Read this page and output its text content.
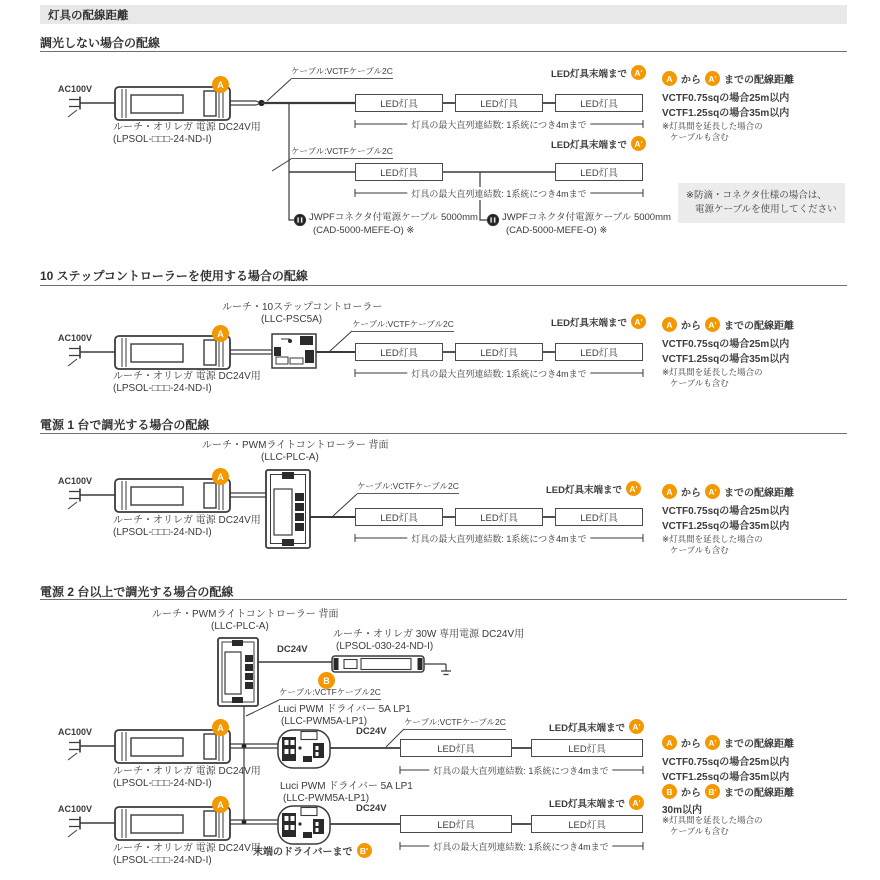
灯具の配線距離
調光しない場合の配線
10 ステップコントローラーを使用する場合の配線
電源 1 台で調光する場合の配線
電源 2 台以上で調光する場合の配線
AC100V
ルーチ・オリレガ 電源 DC24V用
(LPSOL-□□□-24-ND-I)
A
ケーブル:VCTFケーブル2C
ケーブル:VCTFケーブル2C
LED灯具	LED灯具	LED灯具
LED灯具	LED灯具
LED灯具末端まで A'
LED灯具末端まで A'
灯具の最大直列連結数: 1系統につき4mまで
灯具の最大直列連結数: 1系統につき4mまで
JWPFコネクタ付電源ケーブル 5000mm
(CAD-5000-MEFE-O) ※
JWPFコネクタ付電源ケーブル 5000mm
(CAD-5000-MEFE-O) ※
A から A' までの配線距離
VCTF0.75sqの場合25m以内
VCTF1.25sqの場合35m以内
※灯具間を延長した場合の
ケーブルも含む
※防滴・コネクタ仕様の場合は、
電源ケーブルを使用してください
ルーチ・10ステップコントローラー
(LLC-PSC5A)
AC100V
ルーチ・オリレガ 電源 DC24V用
(LPSOL-□□□-24-ND-I)
A
ケーブル:VCTFケーブル2C
LED灯具	LED灯具	LED灯具
LED灯具末端まで A'
灯具の最大直列連結数: 1系統につき4mまで
A から A' までの配線距離
VCTF0.75sqの場合25m以内
VCTF1.25sqの場合35m以内
※灯具間を延長した場合の
ケーブルも含む
ルーチ・PWMライトコントローラー 背面
(LLC-PLC-A)
AC100V
ルーチ・オリレガ 電源 DC24V用
(LPSOL-□□□-24-ND-I)
A
ケーブル:VCTFケーブル2C
LED灯具	LED灯具	LED灯具
LED灯具末端まで A'
灯具の最大直列連結数: 1系統につき4mまで
A から A' までの配線距離
VCTF0.75sqの場合25m以内
VCTF1.25sqの場合35m以内
※灯具間を延長した場合の
ケーブルも含む
ルーチ・PWMライトコントローラー 背面
(LLC-PLC-A)
DC24V
ルーチ・オリレガ 30W 専用電源 DC24V用
(LPSOL-030-24-ND-I)
B
ケーブル:VCTFケーブル2C
Luci PWM ドライバー 5A LP1
(LLC-PWM5A-LP1)
AC100V
ルーチ・オリレガ 電源 DC24V用
(LPSOL-□□□-24-ND-I)
A	DC24V
ケーブル:VCTFケーブル2C
LED灯具	LED灯具
LED灯具末端まで A'
灯具の最大直列連結数: 1系統につき4mまで
Luci PWM ドライバー 5A LP1
(LLC-PWM5A-LP1)
AC100V
ルーチ・オリレガ 電源 DC24V用
(LPSOL-□□□-24-ND-I)
A	DC24V
LED灯具	LED灯具
LED灯具末端まで A'
灯具の最大直列連結数: 1系統につき4mまで
末端のドライバーまで B'
A から A' までの配線距離
VCTF0.75sqの場合25m以内
VCTF1.25sqの場合35m以内
B から B' までの配線距離
30m以内
※灯具間を延長した場合の
ケーブルも含む
